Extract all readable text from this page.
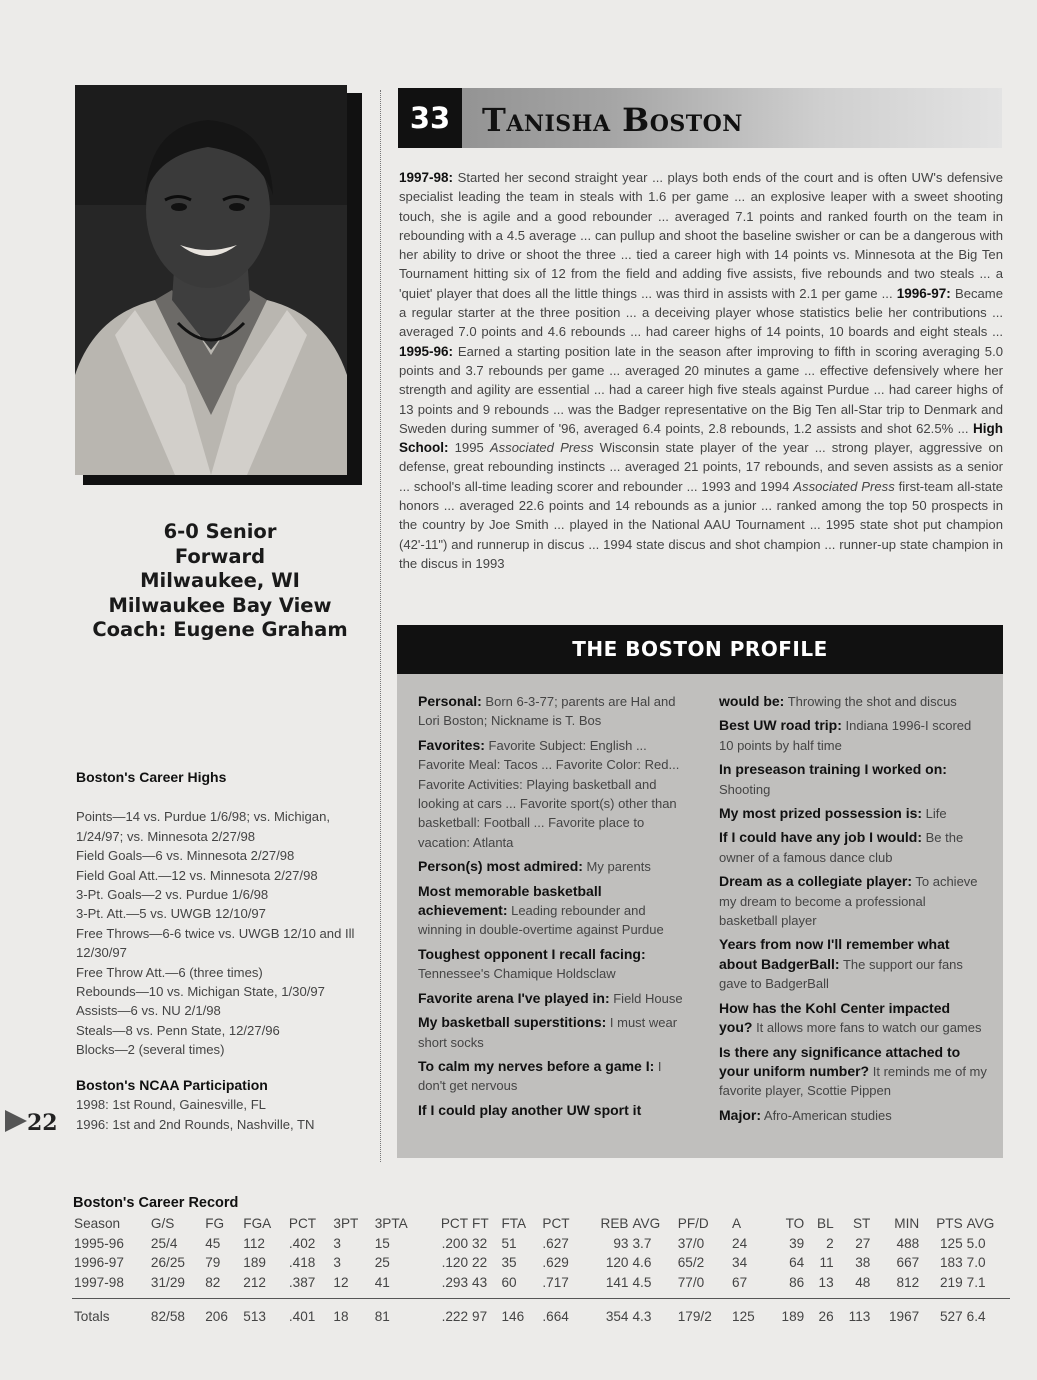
6-0 Senior
Forward
Milwaukee, WI
Milwaukee Bay View
Coach: Eugene Graham
33 Tanisha Boston
1997-98: Started her second straight year ... plays both ends of the court and is often UW's defensive specialist leading the team in steals with 1.6 per game ... an explosive leaper with a sweet shooting touch, she is agile and a good rebounder ... averaged 7.1 points and ranked fourth on the team in rebounding with a 4.5 average ... can pullup and shoot the baseline swisher or can be a dangerous with her ability to drive or shoot the three ... tied a career high with 14 points vs. Minnesota at the Big Ten Tournament hitting six of 12 from the field and adding five assists, five rebounds and two steals ... a 'quiet' player that does all the little things ... was third in assists with 2.1 per game ... 1996-97: Became a regular starter at the three position ... a deceiving player whose statistics belie her contributions ... averaged 7.0 points and 4.6 rebounds ... had career highs of 14 points, 10 boards and eight steals ... 1995-96: Earned a starting position late in the season after improving to fifth in scoring averaging 5.0 points and 3.7 rebounds per game ... averaged 20 minutes a game ... effective defensively where her strength and agility are essential ... had a career high five steals against Purdue ... had career highs of 13 points and 9 rebounds ... was the Badger representative on the Big Ten all-Star trip to Denmark and Sweden during summer of '96, averaged 6.4 points, 2.8 rebounds, 1.2 assists and shot 62.5% ... High School: 1995 Associated Press Wisconsin state player of the year ... strong player, aggressive on defense, great rebounding instincts ... averaged 21 points, 17 rebounds, and seven assists as a senior ... school's all-time leading scorer and rebounder ... 1993 and 1994 Associated Press first-team all-state honors ... averaged 22.6 points and 14 rebounds as a junior ... ranked among the top 50 prospects in the country by Joe Smith ... played in the National AAU Tournament ... 1995 state shot put champion (42'-11") and runnerup in discus ... 1994 state discus and shot champion ... runner-up state champion in the discus in 1993
Boston's Career Highs
Points—14 vs. Purdue 1/6/98; vs. Michigan, 1/24/97; vs. Minnesota 2/27/98
Field Goals—6 vs. Minnesota 2/27/98
Field Goal Att.—12 vs. Minnesota 2/27/98
3-Pt. Goals—2 vs. Purdue 1/6/98
3-Pt. Att.—5 vs. UWGB 12/10/97
Free Throws—6-6 twice vs. UWGB 12/10 and Ill 12/30/97
Free Throw Att.—6 (three times)
Rebounds—10 vs. Michigan State, 1/30/97
Assists—6 vs. NU 2/1/98
Steals—8 vs. Penn State, 12/27/96
Blocks—2 (several times)
Boston's NCAA Participation
1998: 1st Round, Gainesville, FL
1996: 1st and 2nd Rounds, Nashville, TN
22
THE BOSTON PROFILE

Personal: Born 6-3-77; parents are Hal and Lori Boston; Nickname is T. Bos

Favorites: Favorite Subject: English ... Favorite Meal: Tacos ... Favorite Color: Red... Favorite Activities: Playing basketball and looking at cars ... Favorite sport(s) other than basketball: Football ... Favorite place to vacation: Atlanta

Person(s) most admired: My parents

Most memorable basketball achievement: Leading rebounder and winning in double-overtime against Purdue

Toughest opponent I recall facing: Tennessee's Chamique Holdsclaw

Favorite arena I've played in: Field House

My basketball superstitions: I must wear short socks

To calm my nerves before a game I: I don't get nervous

If I could play another UW sport it

would be: Throwing the shot and discus

Best UW road trip: Indiana 1996-I scored 10 points by half time

In preseason training I worked on: Shooting

My most prized possession is: Life

If I could have any job I would: Be the owner of a famous dance club

Dream as a collegiate player: To achieve my dream to become a professional basketball player

Years from now I'll remember what about BadgerBall: The support our fans gave to BadgerBall

How has the Kohl Center impacted you? It allows more fans to watch our games

Is there any significance attached to your uniform number? It reminds me of my favorite player, Scottie Pippen

Major: Afro-American studies

Boston's Career Record
Season	G/S	FG	FGA	PCT	3PT	3PTA	PCT	FT	FTA	PCT	REB	AVG	PF/D	A	TO	BL	ST	MIN	PTS	AVG
1995-96	25/4	45	112	.402	3	15	.200	32	51	.627	93	3.7	37/0	24	39	2	27	488	125	5.0
1996-97	26/25	79	189	.418	3	25	.120	22	35	.629	120	4.6	65/2	34	64	11	38	667	183	7.0
1997-98	31/29	82	212	.387	12	41	.293	43	60	.717	141	4.5	77/0	67	86	13	48	812	219	7.1

Totals	82/58	206	513	.401	18	81	.222	97	146	.664	354	4.3	179/2	125	189	26	113	1967	527	6.4
